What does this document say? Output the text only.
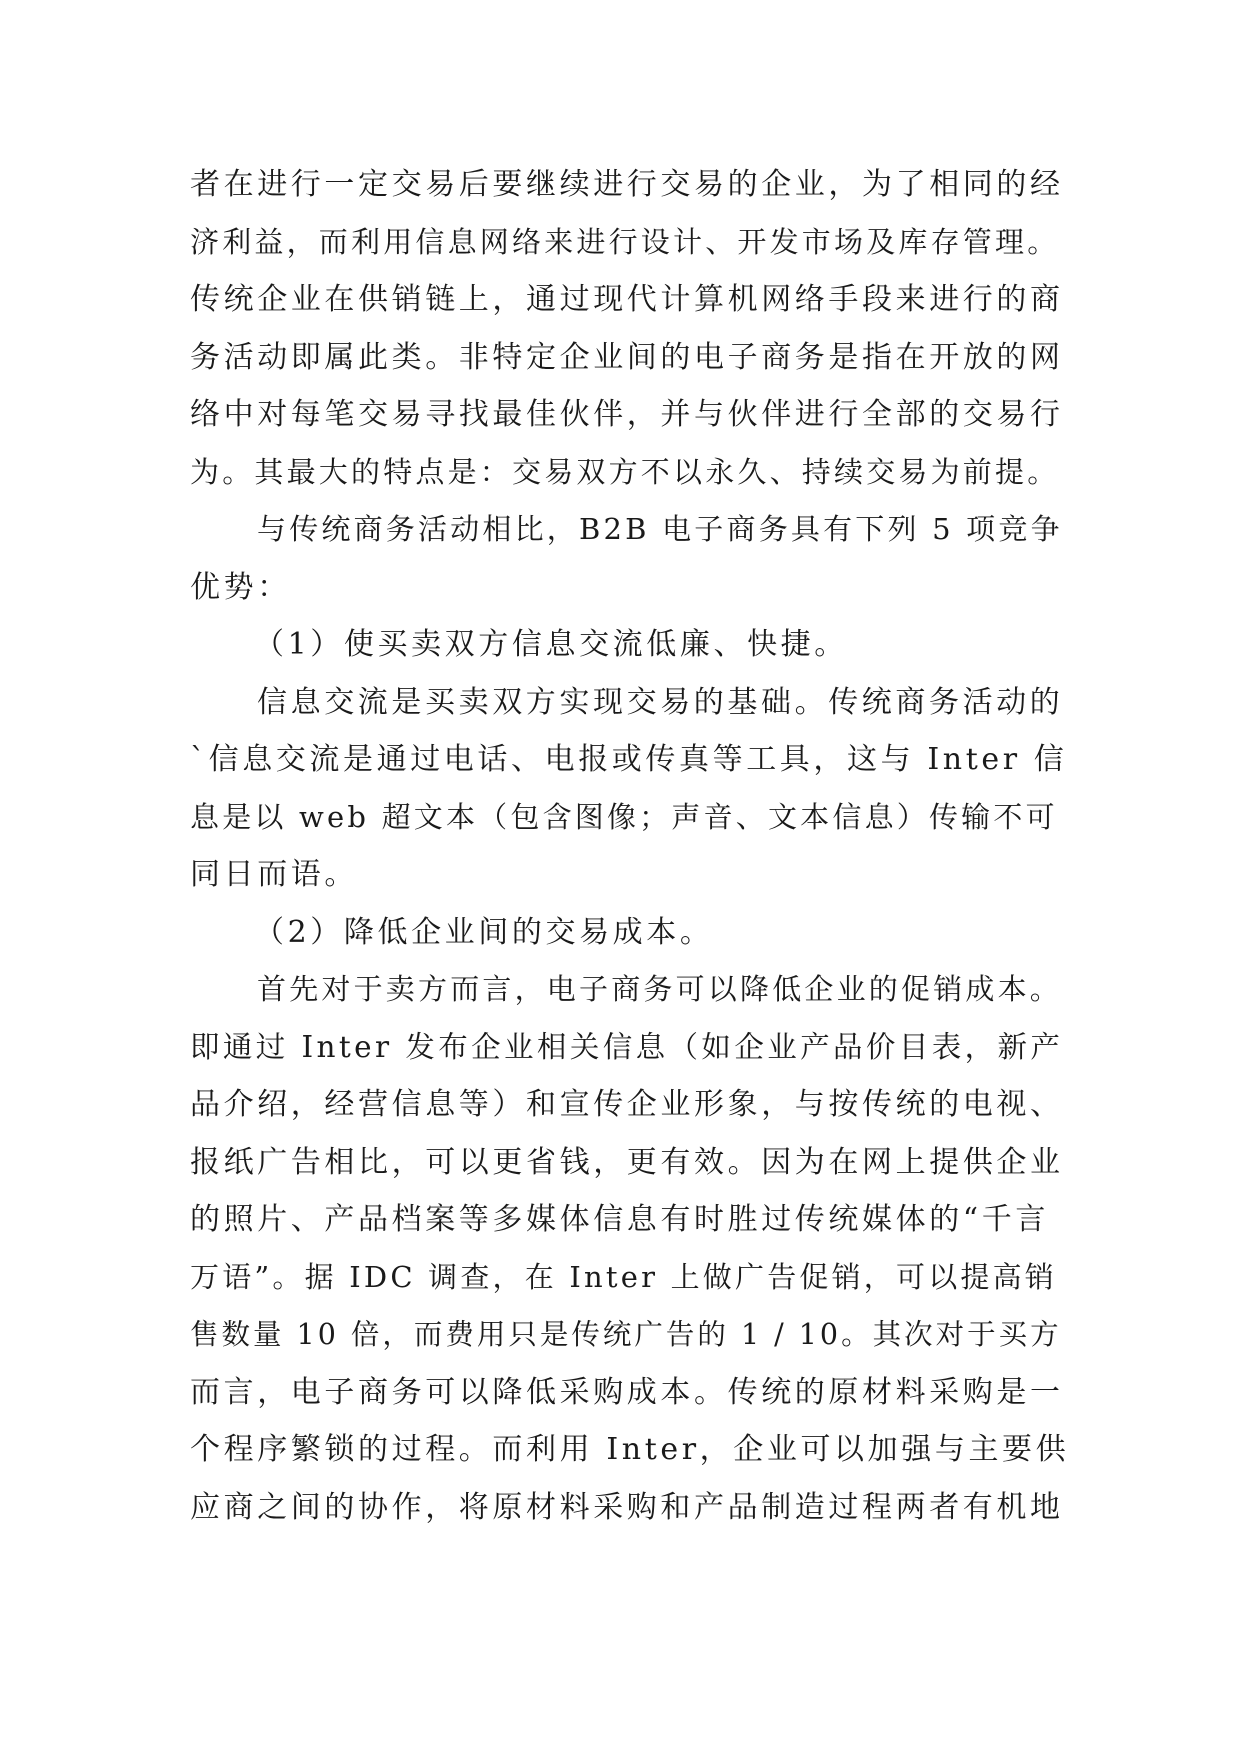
者在进行一定交易后要继续进行交易的企业，为了相同的经
济利益，而利用信息网络来进行设计、开发市场及库存管理。
传统企业在供销链上，通过现代计算机网络手段来进行的商
务活动即属此类。非特定企业间的电子商务是指在开放的网
络中对每笔交易寻找最佳伙伴，并与伙伴进行全部的交易行
为。其最大的特点是：交易双方不以永久、持续交易为前提。
与传统商务活动相比，B2B 电子商务具有下列 5 项竞争
优势：
（1）使买卖双方信息交流低廉、快捷。
信息交流是买卖双方实现交易的基础。传统商务活动的
`信息交流是通过电话、电报或传真等工具，这与 Inter 信
息是以 web 超文本（包含图像；声音、文本信息）传输不可
同日而语。
（2）降低企业间的交易成本。
首先对于卖方而言，电子商务可以降低企业的促销成本。
即通过 Inter 发布企业相关信息（如企业产品价目表，新产
品介绍，经营信息等）和宣传企业形象，与按传统的电视、
报纸广告相比，可以更省钱，更有效。因为在网上提供企业
的照片、产品档案等多媒体信息有时胜过传统媒体的“千言
万语”。据 IDC 调查，在 Inter 上做广告促销，可以提高销
售数量 10 倍，而费用只是传统广告的 1 / 10。其次对于买方
而言，电子商务可以降低采购成本。传统的原材料采购是一
个程序繁锁的过程。而利用 Inter，企业可以加强与主要供
应商之间的协作，将原材料采购和产品制造过程两者有机地
